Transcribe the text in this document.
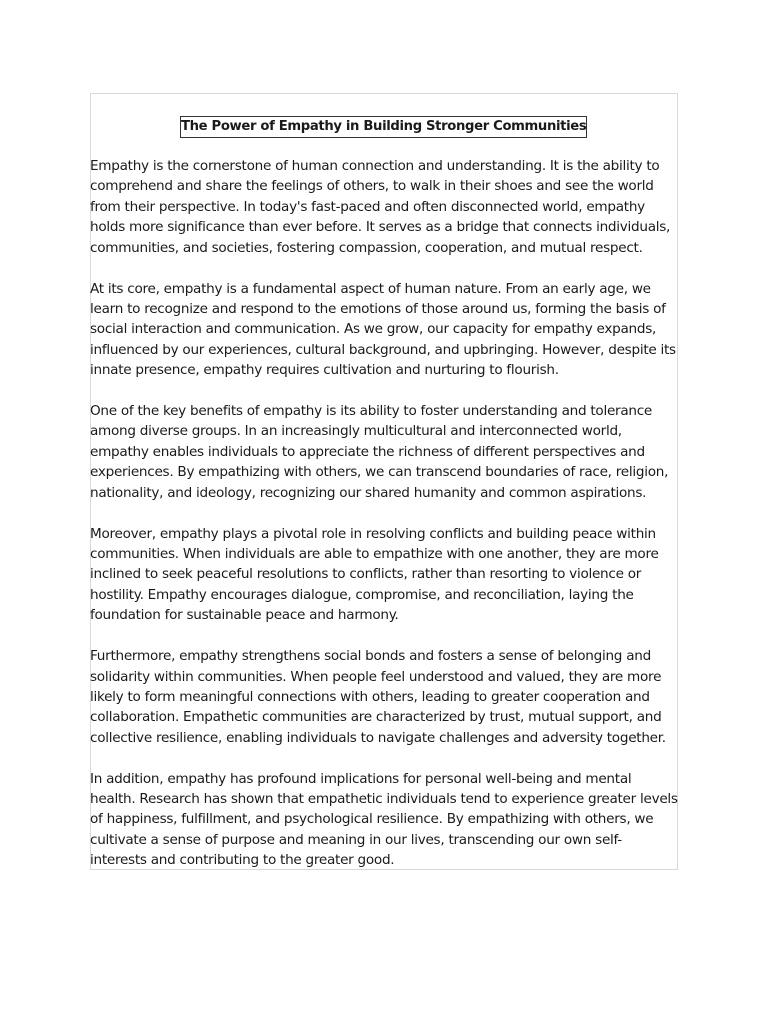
The Power of Empathy in Building Stronger Communities

Empathy is the cornerstone of human connection and understanding. It is the ability to comprehend and share the feelings of others, to walk in their shoes and see the world from their perspective. In today's fast-paced and often disconnected world, empathy holds more significance than ever before. It serves as a bridge that connects individuals, communities, and societies, fostering compassion, cooperation, and mutual respect.

At its core, empathy is a fundamental aspect of human nature. From an early age, we learn to recognize and respond to the emotions of those around us, forming the basis of social interaction and communication. As we grow, our capacity for empathy expands, influenced by our experiences, cultural background, and upbringing. However, despite its innate presence, empathy requires cultivation and nurturing to flourish.

One of the key benefits of empathy is its ability to foster understanding and tolerance among diverse groups. In an increasingly multicultural and interconnected world, empathy enables individuals to appreciate the richness of different perspectives and experiences. By empathizing with others, we can transcend boundaries of race, religion, nationality, and ideology, recognizing our shared humanity and common aspirations.

Moreover, empathy plays a pivotal role in resolving conflicts and building peace within communities. When individuals are able to empathize with one another, they are more inclined to seek peaceful resolutions to conflicts, rather than resorting to violence or hostility. Empathy encourages dialogue, compromise, and reconciliation, laying the foundation for sustainable peace and harmony.

Furthermore, empathy strengthens social bonds and fosters a sense of belonging and solidarity within communities. When people feel understood and valued, they are more likely to form meaningful connections with others, leading to greater cooperation and collaboration. Empathetic communities are characterized by trust, mutual support, and collective resilience, enabling individuals to navigate challenges and adversity together.

In addition, empathy has profound implications for personal well-being and mental health. Research has shown that empathetic individuals tend to experience greater levels of happiness, fulfillment, and psychological resilience. By empathizing with others, we cultivate a sense of purpose and meaning in our lives, transcending our own self-interests and contributing to the greater good.
